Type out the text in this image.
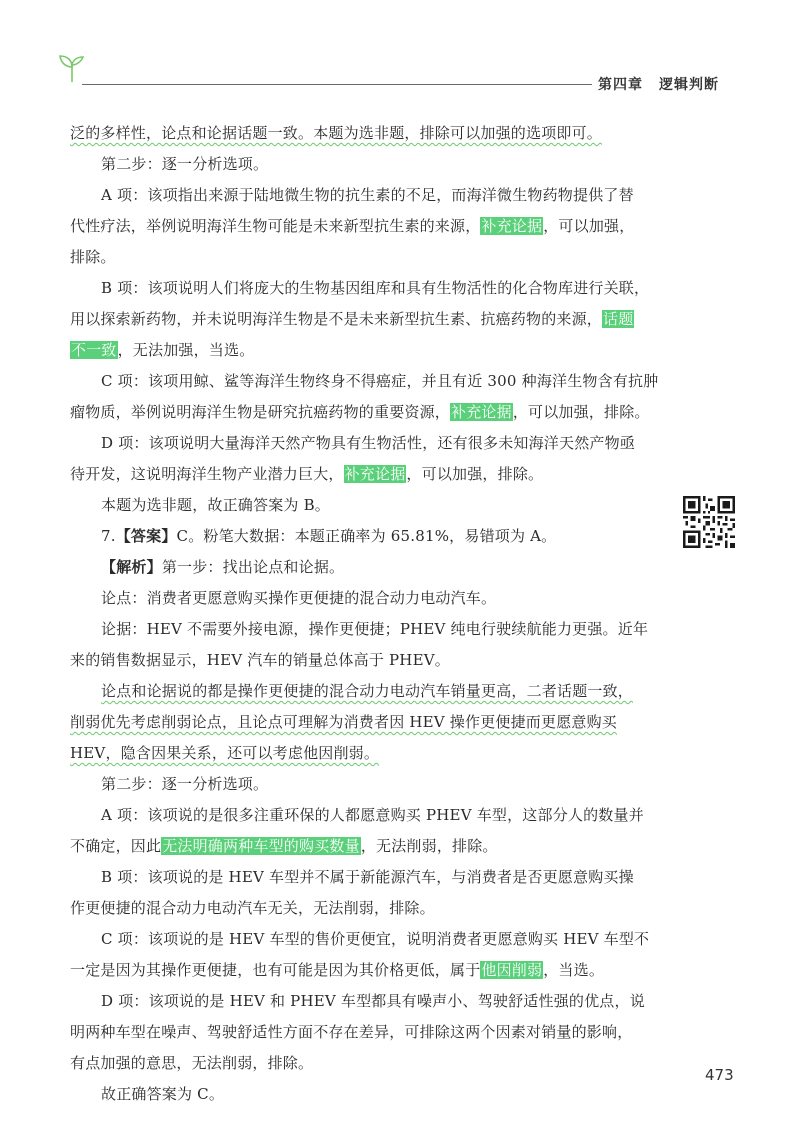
第四章 逻辑判断
泛的多样性，论点和论据话题一致。本题为选非题，排除可以加强的选项即可。
第二步：逐一分析选项。
A 项：该项指出来源于陆地微生物的抗生素的不足，而海洋微生物药物提供了替
代性疗法，举例说明海洋生物可能是未来新型抗生素的来源，补充论据，可以加强，
排除。
B 项：该项说明人们将庞大的生物基因组库和具有生物活性的化合物库进行关联，
用以探索新药物，并未说明海洋生物是不是未来新型抗生素、抗癌药物的来源，话题
不一致，无法加强，当选。
C 项：该项用鲸、鲨等海洋生物终身不得癌症，并且有近 300 种海洋生物含有抗肿
瘤物质，举例说明海洋生物是研究抗癌药物的重要资源，补充论据，可以加强，排除。
D 项：该项说明大量海洋天然产物具有生物活性，还有很多未知海洋天然产物亟
待开发，这说明海洋生物产业潜力巨大，补充论据，可以加强，排除。
本题为选非题，故正确答案为 B。
7.【答案】C。粉笔大数据：本题正确率为 65.81%，易错项为 A。
【解析】第一步：找出论点和论据。
论点：消费者更愿意购买操作更便捷的混合动力电动汽车。
论据：HEV 不需要外接电源，操作更便捷；PHEV 纯电行驶续航能力更强。近年
来的销售数据显示，HEV 汽车的销量总体高于 PHEV。
论点和论据说的都是操作更便捷的混合动力电动汽车销量更高，二者话题一致，
削弱优先考虑削弱论点，且论点可理解为消费者因 HEV 操作更便捷而更愿意购买
HEV，隐含因果关系，还可以考虑他因削弱。
第二步：逐一分析选项。
A 项：该项说的是很多注重环保的人都愿意购买 PHEV 车型，这部分人的数量并
不确定，因此无法明确两种车型的购买数量，无法削弱，排除。
B 项：该项说的是 HEV 车型并不属于新能源汽车，与消费者是否更愿意购买操
作更便捷的混合动力电动汽车无关，无法削弱，排除。
C 项：该项说的是 HEV 车型的售价更便宜，说明消费者更愿意购买 HEV 车型不
一定是因为其操作更便捷，也有可能是因为其价格更低，属于他因削弱，当选。
D 项：该项说的是 HEV 和 PHEV 车型都具有噪声小、驾驶舒适性强的优点，说
明两种车型在噪声、驾驶舒适性方面不存在差异，可排除这两个因素对销量的影响，
有点加强的意思，无法削弱，排除。
故正确答案为 C。
473
